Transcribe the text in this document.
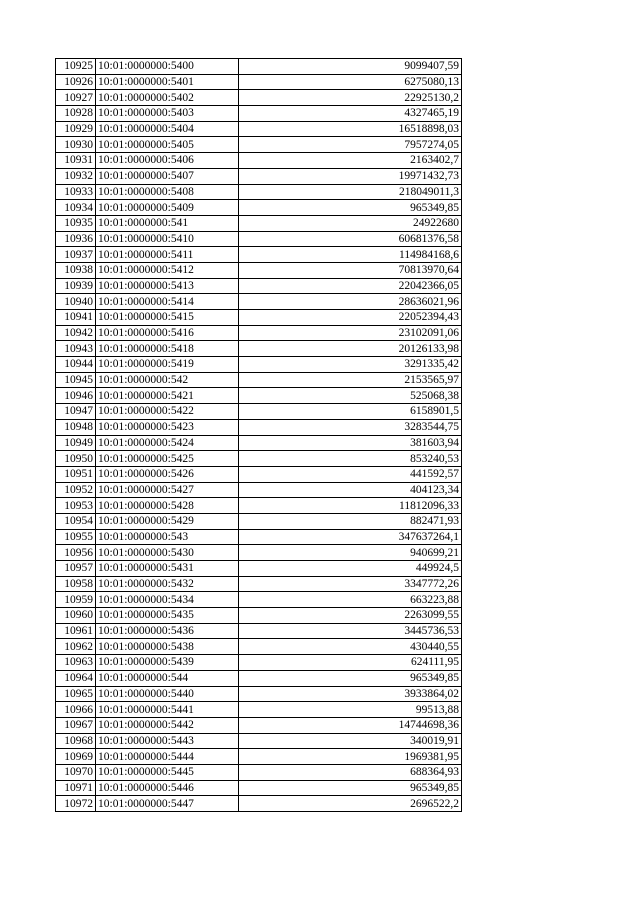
10925	10:01:0000000:5400	9099407,59
10926	10:01:0000000:5401	6275080,13
10927	10:01:0000000:5402	22925130,2
10928	10:01:0000000:5403	4327465,19
10929	10:01:0000000:5404	16518898,03
10930	10:01:0000000:5405	7957274,05
10931	10:01:0000000:5406	2163402,7
10932	10:01:0000000:5407	19971432,73
10933	10:01:0000000:5408	218049011,3
10934	10:01:0000000:5409	965349,85
10935	10:01:0000000:541	24922680
10936	10:01:0000000:5410	60681376,58
10937	10:01:0000000:5411	114984168,6
10938	10:01:0000000:5412	70813970,64
10939	10:01:0000000:5413	22042366,05
10940	10:01:0000000:5414	28636021,96
10941	10:01:0000000:5415	22052394,43
10942	10:01:0000000:5416	23102091,06
10943	10:01:0000000:5418	20126133,98
10944	10:01:0000000:5419	3291335,42
10945	10:01:0000000:542	2153565,97
10946	10:01:0000000:5421	525068,38
10947	10:01:0000000:5422	6158901,5
10948	10:01:0000000:5423	3283544,75
10949	10:01:0000000:5424	381603,94
10950	10:01:0000000:5425	853240,53
10951	10:01:0000000:5426	441592,57
10952	10:01:0000000:5427	404123,34
10953	10:01:0000000:5428	11812096,33
10954	10:01:0000000:5429	882471,93
10955	10:01:0000000:543	347637264,1
10956	10:01:0000000:5430	940699,21
10957	10:01:0000000:5431	449924,5
10958	10:01:0000000:5432	3347772,26
10959	10:01:0000000:5434	663223,88
10960	10:01:0000000:5435	2263099,55
10961	10:01:0000000:5436	3445736,53
10962	10:01:0000000:5438	430440,55
10963	10:01:0000000:5439	624111,95
10964	10:01:0000000:544	965349,85
10965	10:01:0000000:5440	3933864,02
10966	10:01:0000000:5441	99513,88
10967	10:01:0000000:5442	14744698,36
10968	10:01:0000000:5443	340019,91
10969	10:01:0000000:5444	1969381,95
10970	10:01:0000000:5445	688364,93
10971	10:01:0000000:5446	965349,85
10972	10:01:0000000:5447	2696522,2
